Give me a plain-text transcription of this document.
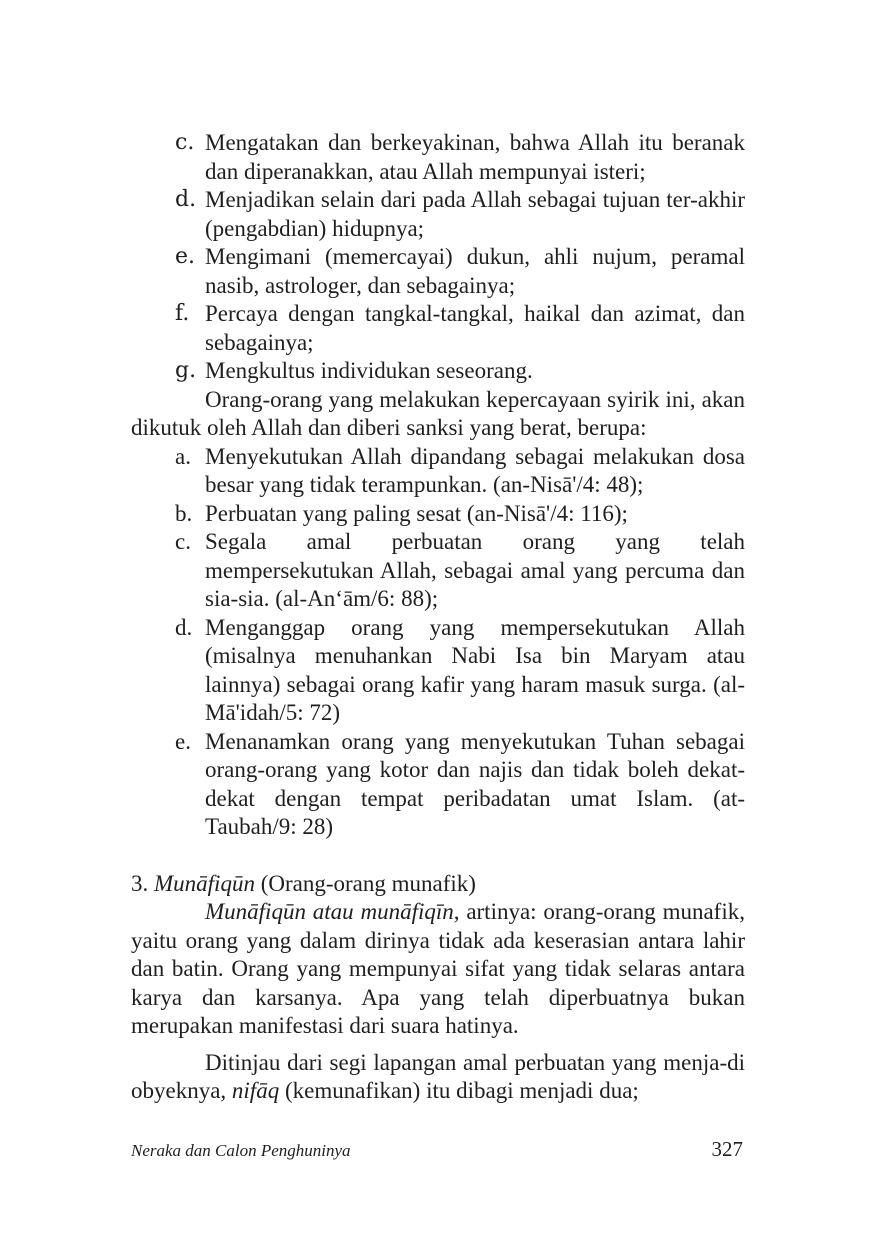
c. Mengatakan dan berkeyakinan, bahwa Allah itu beranak dan diperanakkan, atau Allah mempunyai isteri;
d. Menjadikan selain dari pada Allah sebagai tujuan ter-akhir (pengabdian) hidupnya;
e. Mengimani (memercayai) dukun, ahli nujum, peramal nasib, astrologer, dan sebagainya;
f. Percaya dengan tangkal-tangkal, haikal dan azimat, dan sebagainya;
g. Mengkultus individukan seseorang.

Orang-orang yang melakukan kepercayaan syirik ini, akan dikutuk oleh Allah dan diberi sanksi yang berat, berupa:

a. Menyekutukan Allah dipandang sebagai melakukan dosa besar yang tidak terampunkan. (an-Nisā'/4: 48);
b. Perbuatan yang paling sesat (an-Nisā'/4: 116);
c. Segala amal perbuatan orang yang telah mempersekutukan Allah, sebagai amal yang percuma dan sia-sia. (al-An‘ām/6: 88);
d. Menganggap orang yang mempersekutukan Allah (misalnya menuhankan Nabi Isa bin Maryam atau lainnya) sebagai orang kafir yang haram masuk surga. (al-Mā'idah/5: 72)
e. Menanamkan orang yang menyekutukan Tuhan sebagai orang-orang yang kotor dan najis dan tidak boleh dekat-dekat dengan tempat peribadatan umat Islam. (at-Taubah/9: 28)
3. Munāfiqūn (Orang-orang munafik)

Munāfiqūn atau munāfiqīn, artinya: orang-orang munafik, yaitu orang yang dalam dirinya tidak ada keserasian antara lahir dan batin. Orang yang mempunyai sifat yang tidak selaras antara karya dan karsanya. Apa yang telah diperbuatnya bukan merupakan manifestasi dari suara hatinya.

Ditinjau dari segi lapangan amal perbuatan yang menja-di obyeknya, nifāq (kemunafikan) itu dibagi menjadi dua;

Neraka dan Calon Penghuninya	327
